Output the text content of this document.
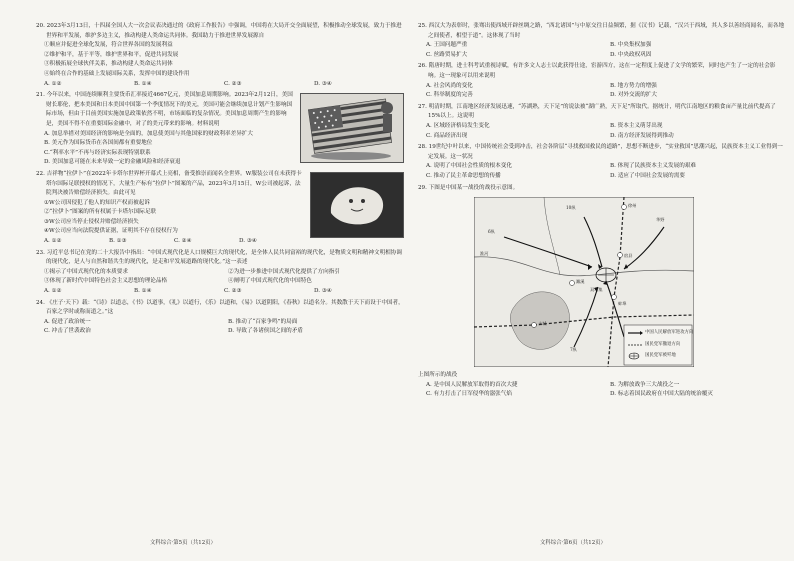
20. 2023年3月13日，十四届全国人大一次会议表决通过的《政府工作报告》中强调，中国将在大局开交全面展望，积极推动全球发展，致力于推进世界和平发展，维护多边主义，推动构建人类命运共同体。我国助力于推进世界发展源自
①顺应并促进全球化发展，符合世界各国的发展利益
②维护和平，基于平等，维护世界和平，促进共同发展
③积极拓展全球伙伴关系，推动构建人类命运共同体
④始终在合作的基础上发展国际关系，发挥中国的建设作用
A. ①②	B. ①④	C. ②③	D. ③④
21. 今年以来，中国连续顺利主要货币汇率接近4667亿元，美国加息周期影响。2023年2月12日，美国财长耶伦，把本美国和日本美国中国第一个季度情况下的美元，美国可能会继续加息计划产生影响国际市场，但由于目前美国实施加息政策依然不明，市场面临的复杂情况。美国加息周期产生的影响是，美国不得不在重要国际金融中，对了的美元带来的影响。材料说明
A. 加息举措对美国经济的影响是全面的，加息使美国与其他国家的财政利率差异扩大
B. 美元作为国际货币在各国间都有重要地位
C.“利率水平”不再与经济实际表现特别联系
D. 美国加息可能在未来导致一定的金融风险和经济衰退
22. 吉祥物“拉伊卜”在2022年卡塔尔世界杯开幕式上亮相，备受推崇而闻名全世界。W服装公司在未获得卡塔尔国际足联授权的情况下，大量生产标有“拉伊卜”图案的产品，2023年3月15日，W公司被起诉，法院判决被告赔偿经济损失。由此可见
①W公司因侵犯了他人的知识产权而被起诉
②“拉伊卜”图案的所有权属于卡塔尔国际足联
③W公司应当停止侵权并赔偿经济损失
④W公司应当向法院提供证据，证明其不存在侵权行为
A. ①②	B. ①③	C. ②④	D. ③④
23. 习近平总书记在党的二十大报告中指出：“中国式现代化是人口规模巨大的现代化，是全体人民共同富裕的现代化，是物质文明和精神文明相协调的现代化，是人与自然和谐共生的现代化，是走和平发展道路的现代化。”这一表述
①揭示了中国式现代化的本质要求	②为进一步推进中国式现代化提供了方向指引
③体现了新时代中国特色社会主义思想的理论品格	④阐明了中国式现代化的中国特色
A. ①②	B. ①④	C. ②③	D. ③④
24. 《庄子·天下》载：“《诗》以道志，《书》以道事，《礼》以道行，《乐》以道和，《易》以道阴阳，《春秋》以道名分。其数散于天下而设于中国者，百家之学时或称而道之。”这
A. 促进了政治统一	B. 推动了“百家争鸣”的局面
C. 冲击了世袭政治	D. 导致了各诸侯国之间的矛盾
文科综合·第5页（共12页）
25. 西汉大为表彰时，张骞出使西域开辟丝绸之路，“西北诸国”与中原交往日益频繁，据《汉书》记载，“汉兴于西域，其人多以善经商闻名，而各地之间使者，相望于道”。这体现了当时
A. 王国问题严重	B. 中央集权加强
C. 丝路贸易扩大	D. 中央政权巩固
26. 隋唐时期，进士科考试重视诗赋，有许多文人志士以此获得仕途，宦游四方，这在一定程度上促进了文学的繁荣，同时也产生了一定的社会影响。这一现象可以用来说明
A. 社会风尚的变化	B. 地方势力的增强
C. 科举制度的完善	D. 对外交流的扩大
27. 明清时期，江南地区经济发展迅速，“苏湖熟，天下足”的说法被“湖广熟，天下足”所取代。据统计，明代江南地区的粮食亩产量比前代提高了15%以上。这说明
A. 区域经济格局发生变化	B. 资本主义萌芽出现
C. 商品经济出现	D. 南方经济发展得到推动
28. 19世纪中叶以来，中国传统社会受到冲击，社会各阶层“寻找救国救民的道路”，思想不断进步，“实业救国”思潮兴起，民族资本主义工业得到一定发展。这一状况
A. 说明了中国社会性质的根本变化	B. 体现了民族资本主义发展的艰难
C. 推动了民主革命思想的传播	D. 适应了中国社会发展的需要
29. 下图是中国某一战役的战役示意图。
10纵
华野
6纵
7纵
淮河
双堆集
徐州
蚌埠
宿县
永城
濉溪
中国人民解放军进攻方向
国民党军撤退方向
国民党军被歼地
上图所示的战役
A. 是中国人民解放军取得的首次大捷	B. 为解放战争三大战役之一
C. 有力打击了日军侵华的嚣张气焰	D. 标志着国民政府在中国大陆的统治覆灭
文科综合·第6页（共12页）
